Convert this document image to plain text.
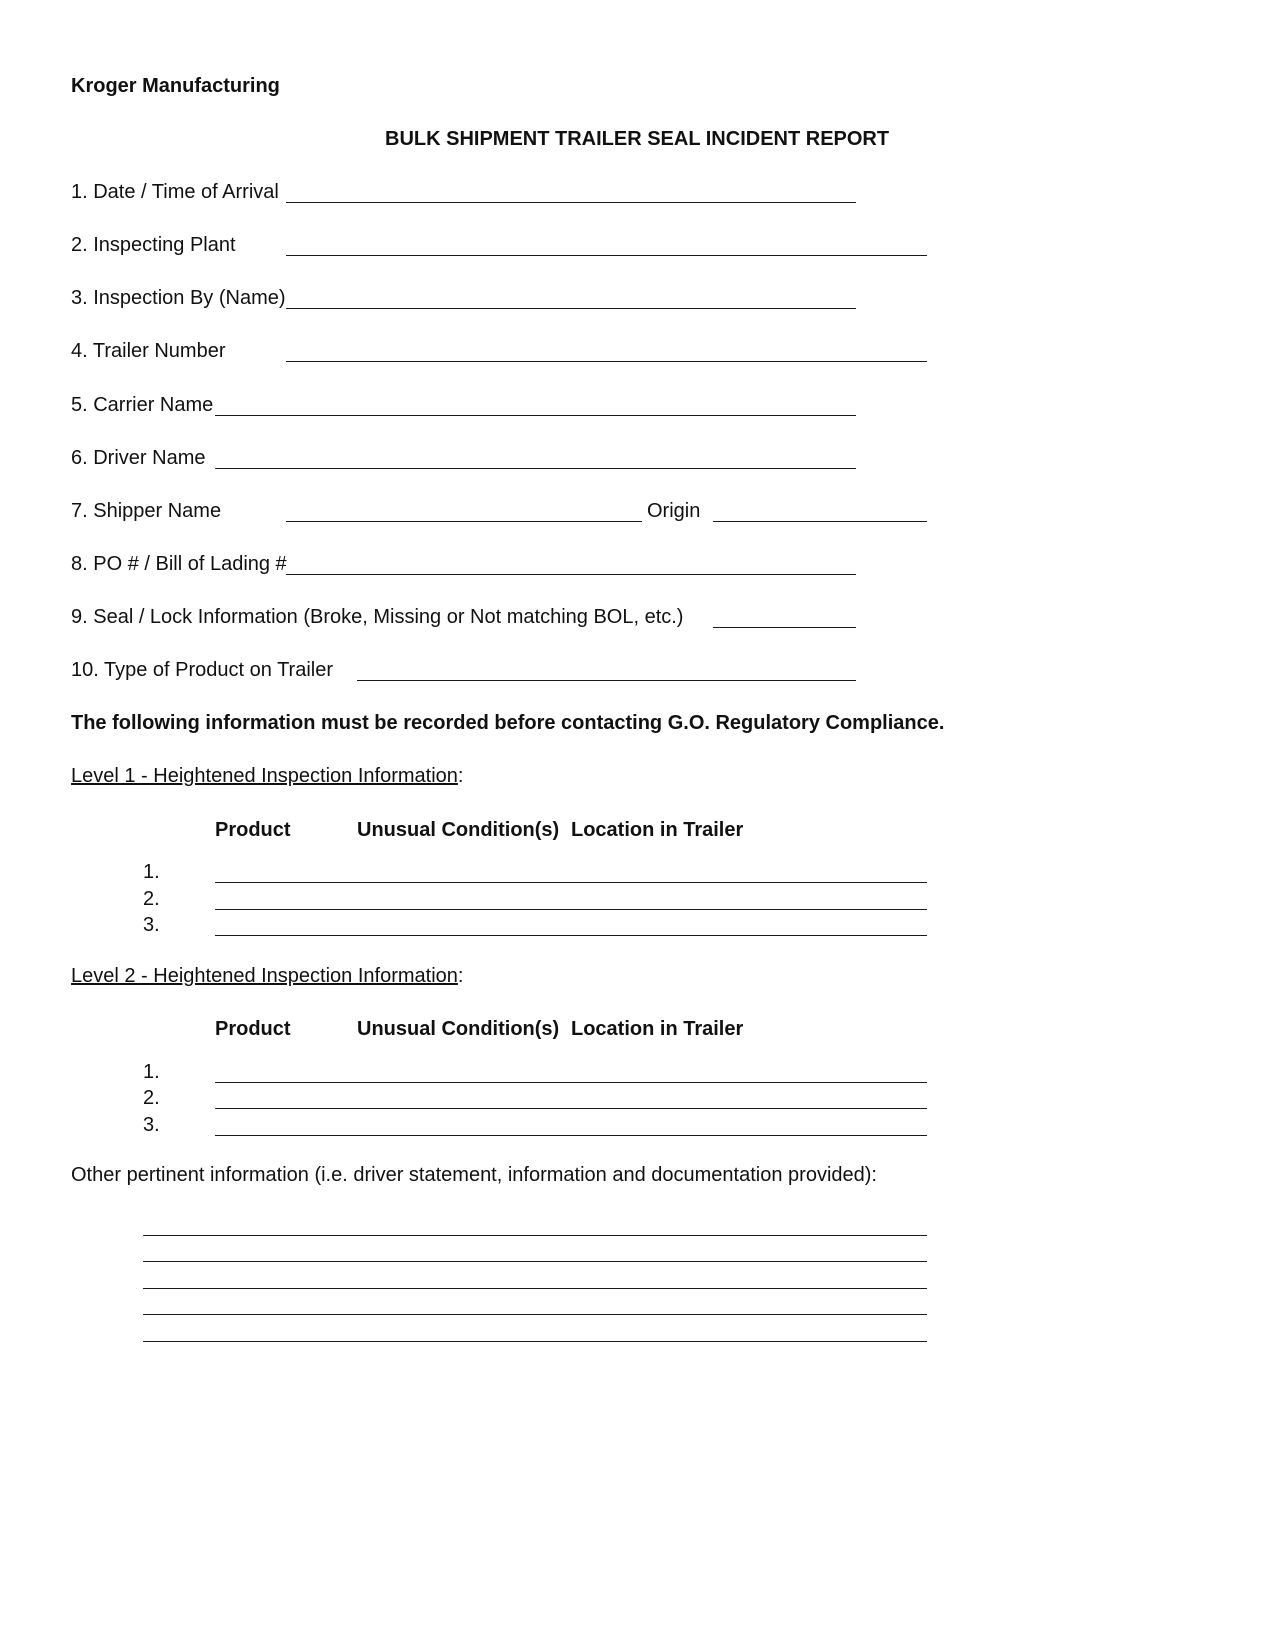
Kroger Manufacturing
BULK SHIPMENT TRAILER SEAL INCIDENT REPORT
1. Date / Time of Arrival
2. Inspecting Plant
3. Inspection By (Name)
4. Trailer Number
5. Carrier Name
6. Driver Name
7. Shipper Name	Origin
8. PO # / Bill of Lading #
9. Seal / Lock Information (Broke, Missing or Not matching BOL, etc.)
10. Type of Product on Trailer
The following information must be recorded before contacting G.O. Regulatory Compliance.
Level 1 - Heightened Inspection Information:
Product	Unusual Condition(s) Location in Trailer
1.
2.
3.
Level 2 - Heightened Inspection Information:
Product	Unusual Condition(s) Location in Trailer
1.
2.
3.
Other pertinent information (i.e. driver statement, information and documentation provided):
